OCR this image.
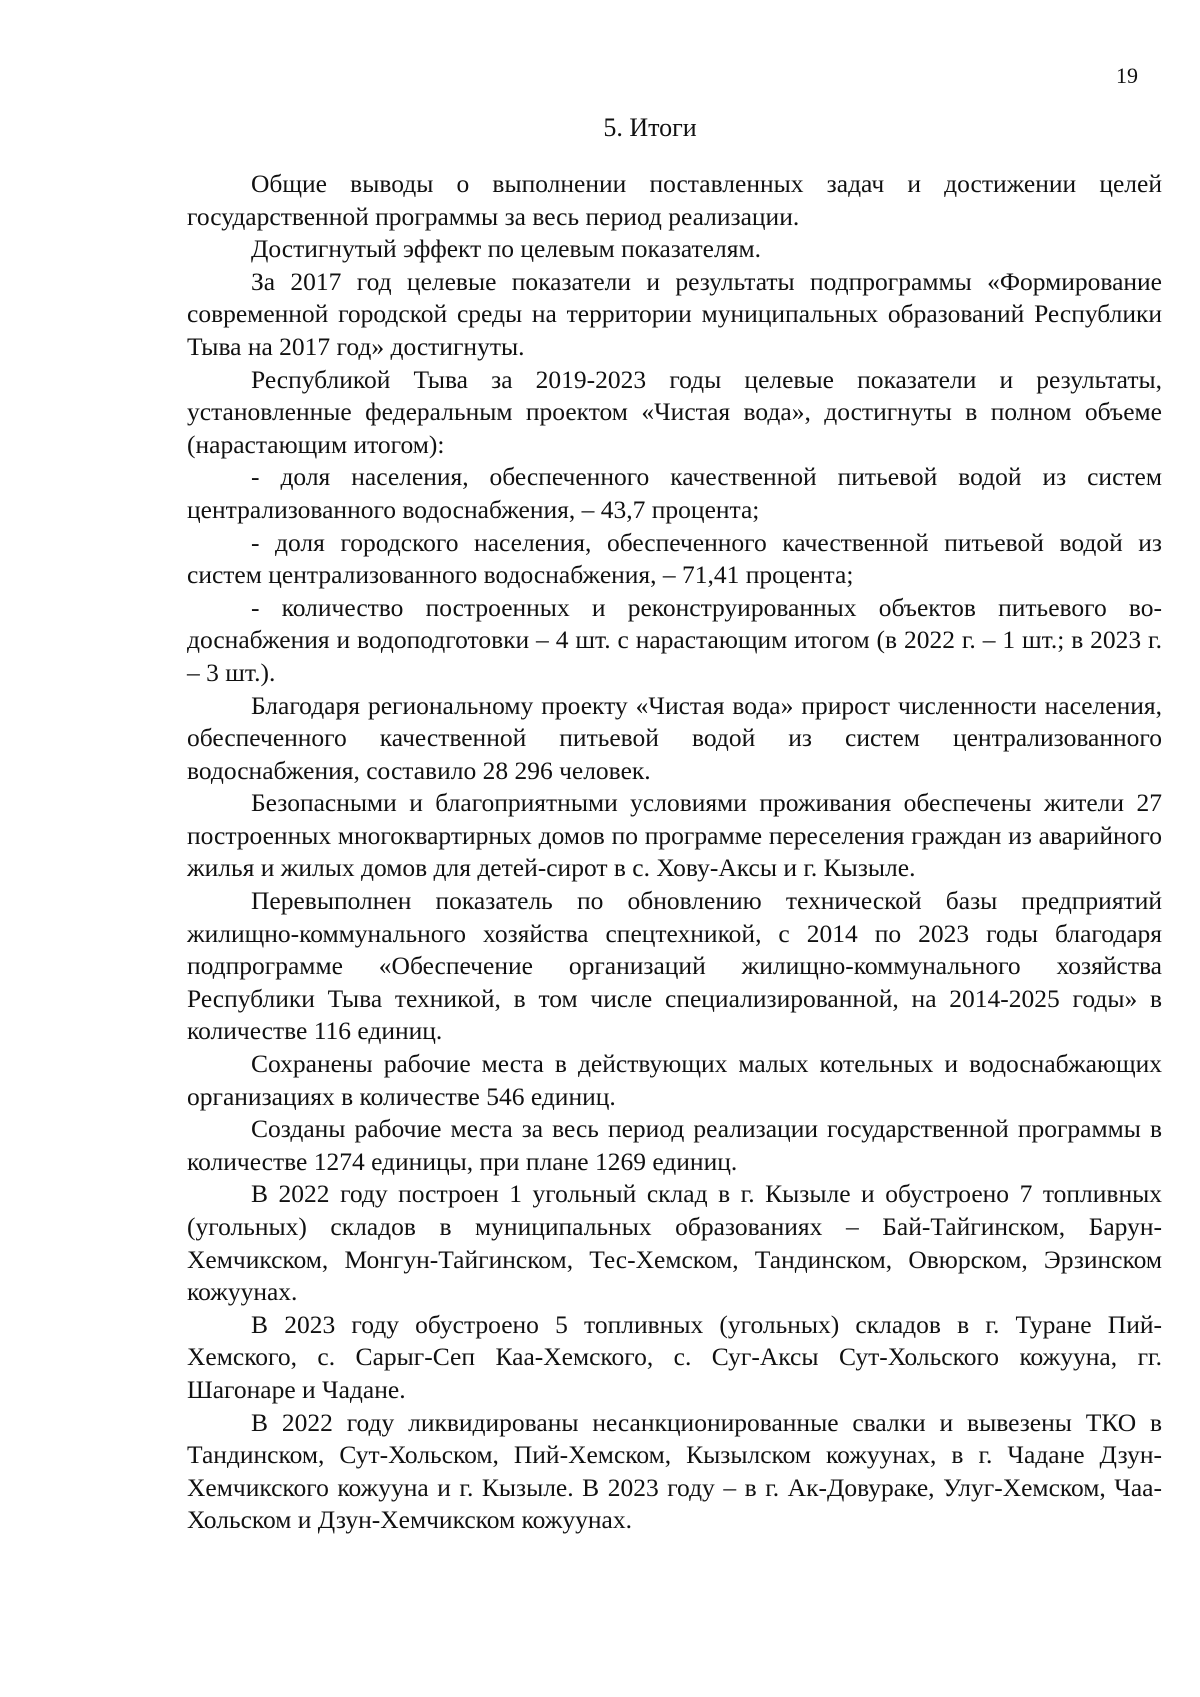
19
5. Итоги

Общие выводы о выполнении поставленных задач и достижении целей государственной программы за весь период реализации.

Достигнутый эффект по целевым показателям.

За 2017 год целевые показатели и результаты подпрограммы «Формирование современной городской среды на территории муниципальных образований Республики Тыва на 2017 год» достигнуты.

Республикой Тыва за 2019-2023 годы целевые показатели и результаты, установленные федеральным проектом «Чистая вода», достигнуты в полном объеме (нарастающим итогом):

- доля населения, обеспеченного качественной питьевой водой из систем централизованного водоснабжения, – 43,7 процента;

- доля городского населения, обеспеченного качественной питьевой водой из систем централизованного водоснабжения, – 71,41 процента;

- количество построенных и реконструированных объектов питьевого водоснабжения и водоподготовки – 4 шт. с нарастающим итогом (в 2022 г. – 1 шт.; в 2023 г. – 3 шт.).

Благодаря региональному проекту «Чистая вода» прирост численности населения, обеспеченного качественной питьевой водой из систем централизованного водоснабжения, составило 28 296 человек.

Безопасными и благоприятными условиями проживания обеспечены жители 27 построенных многоквартирных домов по программе переселения граждан из аварийного жилья и жилых домов для детей-сирот в с. Хову-Аксы и г. Кызыле.

Перевыполнен показатель по обновлению технической базы предприятий жилищно-коммунального хозяйства спецтехникой, с 2014 по 2023 годы благодаря подпрограмме «Обеспечение организаций жилищно-коммунального хозяйства Республики Тыва техникой, в том числе специализированной, на 2014-2025 годы» в количестве 116 единиц.

Сохранены рабочие места в действующих малых котельных и водоснабжающих организациях в количестве 546 единиц.

Созданы рабочие места за весь период реализации государственной программы в количестве 1274 единицы, при плане 1269 единиц.

В 2022 году построен 1 угольный склад в г. Кызыле и обустроено 7 топливных (угольных) складов в муниципальных образованиях – Бай-Тайгинском, Барун-Хемчикском, Монгун-Тайгинском, Тес-Хемском, Тандинском, Овюрском, Эрзинском кожуунах.

В 2023 году обустроено 5 топливных (угольных) складов в г. Туране Пий-Хемского, с. Сарыг-Сеп Каа-Хемского, с. Суг-Аксы Сут-Хольского кожууна, гг. Шагонаре и Чадане.

В 2022 году ликвидированы несанкционированные свалки и вывезены ТКО в Тандинском, Сут-Хольском, Пий-Хемском, Кызылском кожуунах, в г. Чадане Дзун-Хемчикского кожууна и г. Кызыле. В 2023 году – в г. Ак-Довураке, Улуг-Хемском, Чаа-Хольском и Дзун-Хемчикском кожуунах.
